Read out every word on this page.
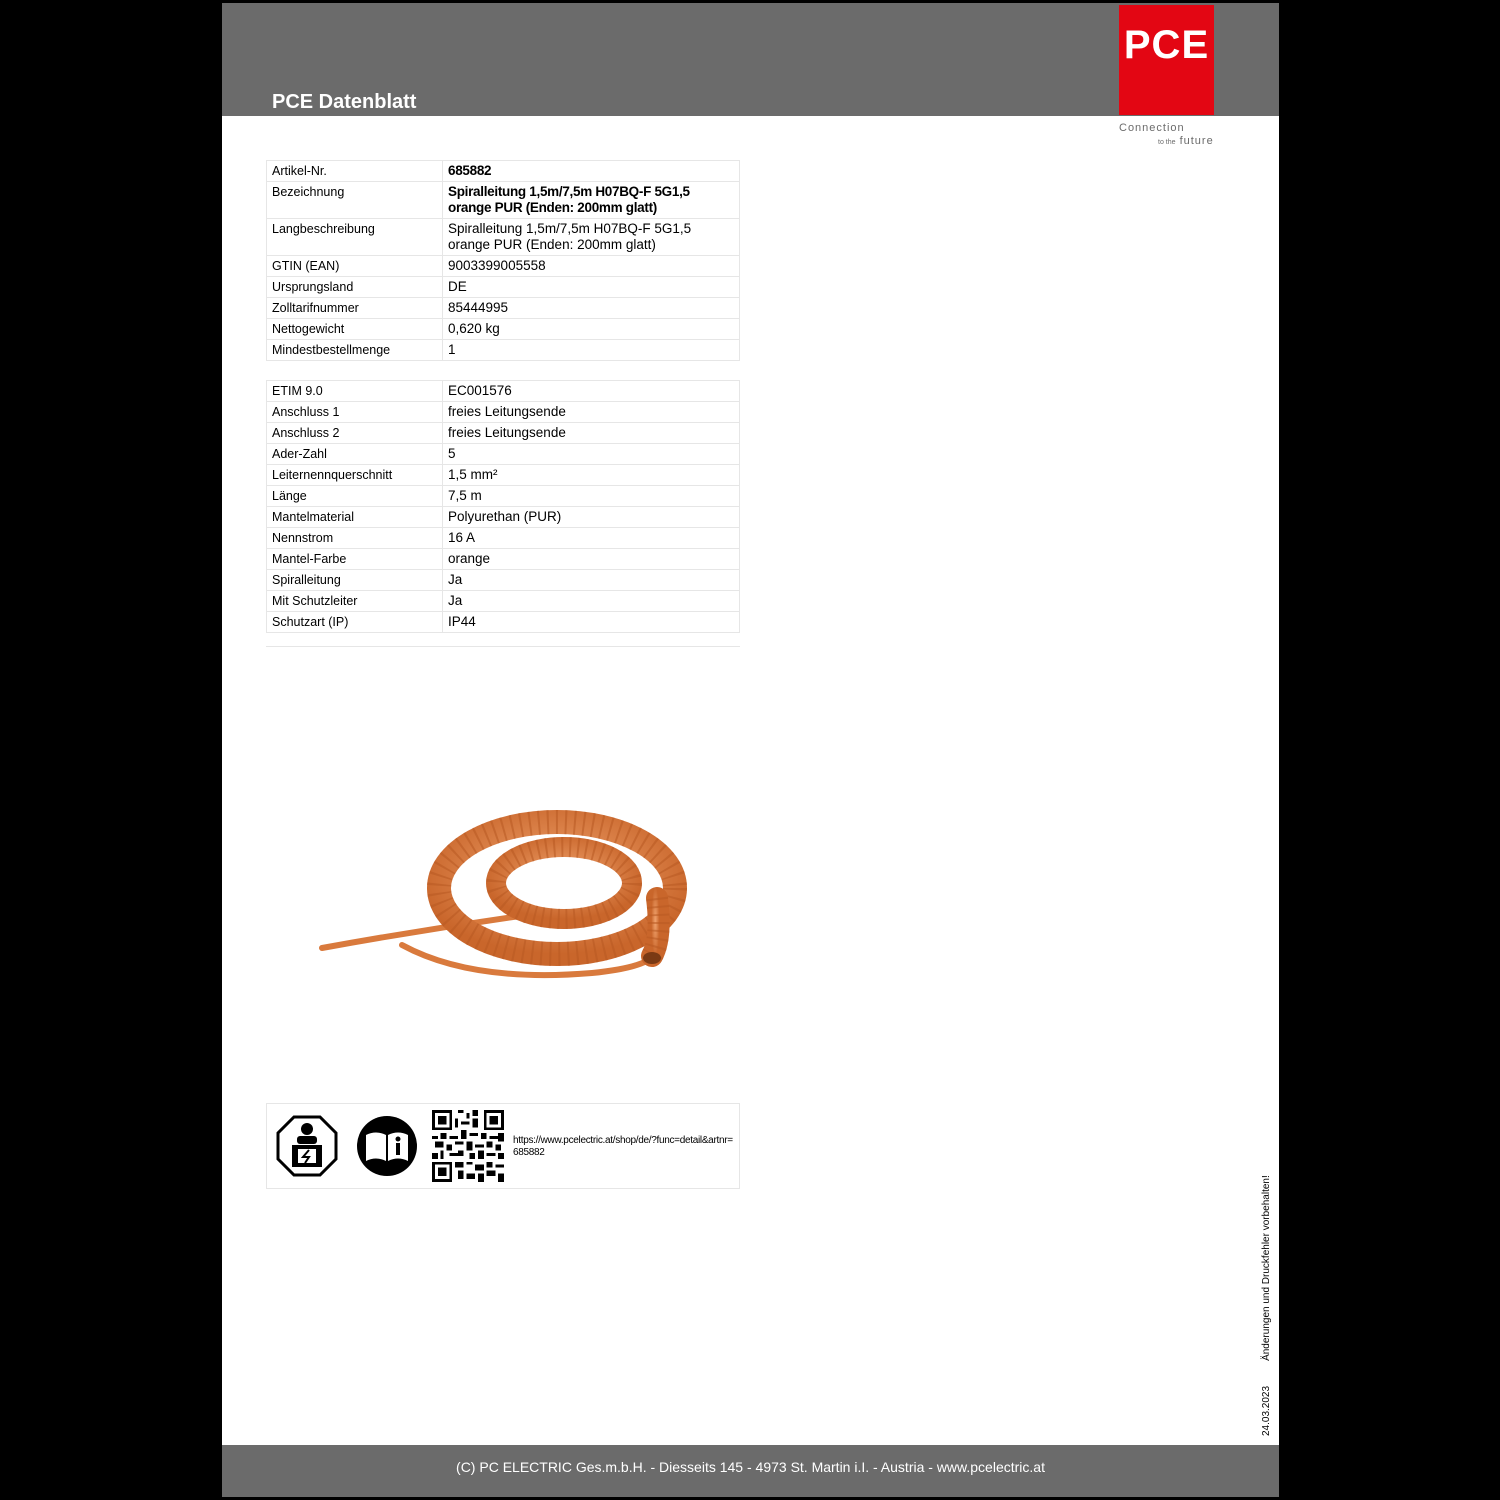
PCE Datenblatt
PCE
Connection
to the future
Artikel-Nr.	685882
Bezeichnung	Spiralleitung 1,5m/7,5m H07BQ-F 5G1,5 orange PUR (Enden: 200mm glatt)
Langbeschreibung	Spiralleitung 1,5m/7,5m H07BQ-F 5G1,5 orange PUR (Enden: 200mm glatt)
GTIN (EAN)	9003399005558
Ursprungsland	DE
Zolltarifnummer	85444995
Nettogewicht	0,620 kg
Mindestbestellmenge	1
ETIM 9.0	EC001576
Anschluss 1	freies Leitungsende
Anschluss 2	freies Leitungsende
Ader-Zahl	5
Leiternennquerschnitt	1,5 mm²
Länge	7,5 m
Mantelmaterial	Polyurethan (PUR)
Nennstrom	16 A
Mantel-Farbe	orange
Spiralleitung	Ja
Mit Schutzleiter	Ja
Schutzart (IP)	IP44
https://www.pcelectric.at/shop/de/?func=detail&artnr=685882
24.03.2023         Änderungen und Druckfehler vorbehalten!
(C) PC ELECTRIC Ges.m.b.H. - Diesseits 145 - 4973 St. Martin i.I. - Austria - www.pcelectric.at
